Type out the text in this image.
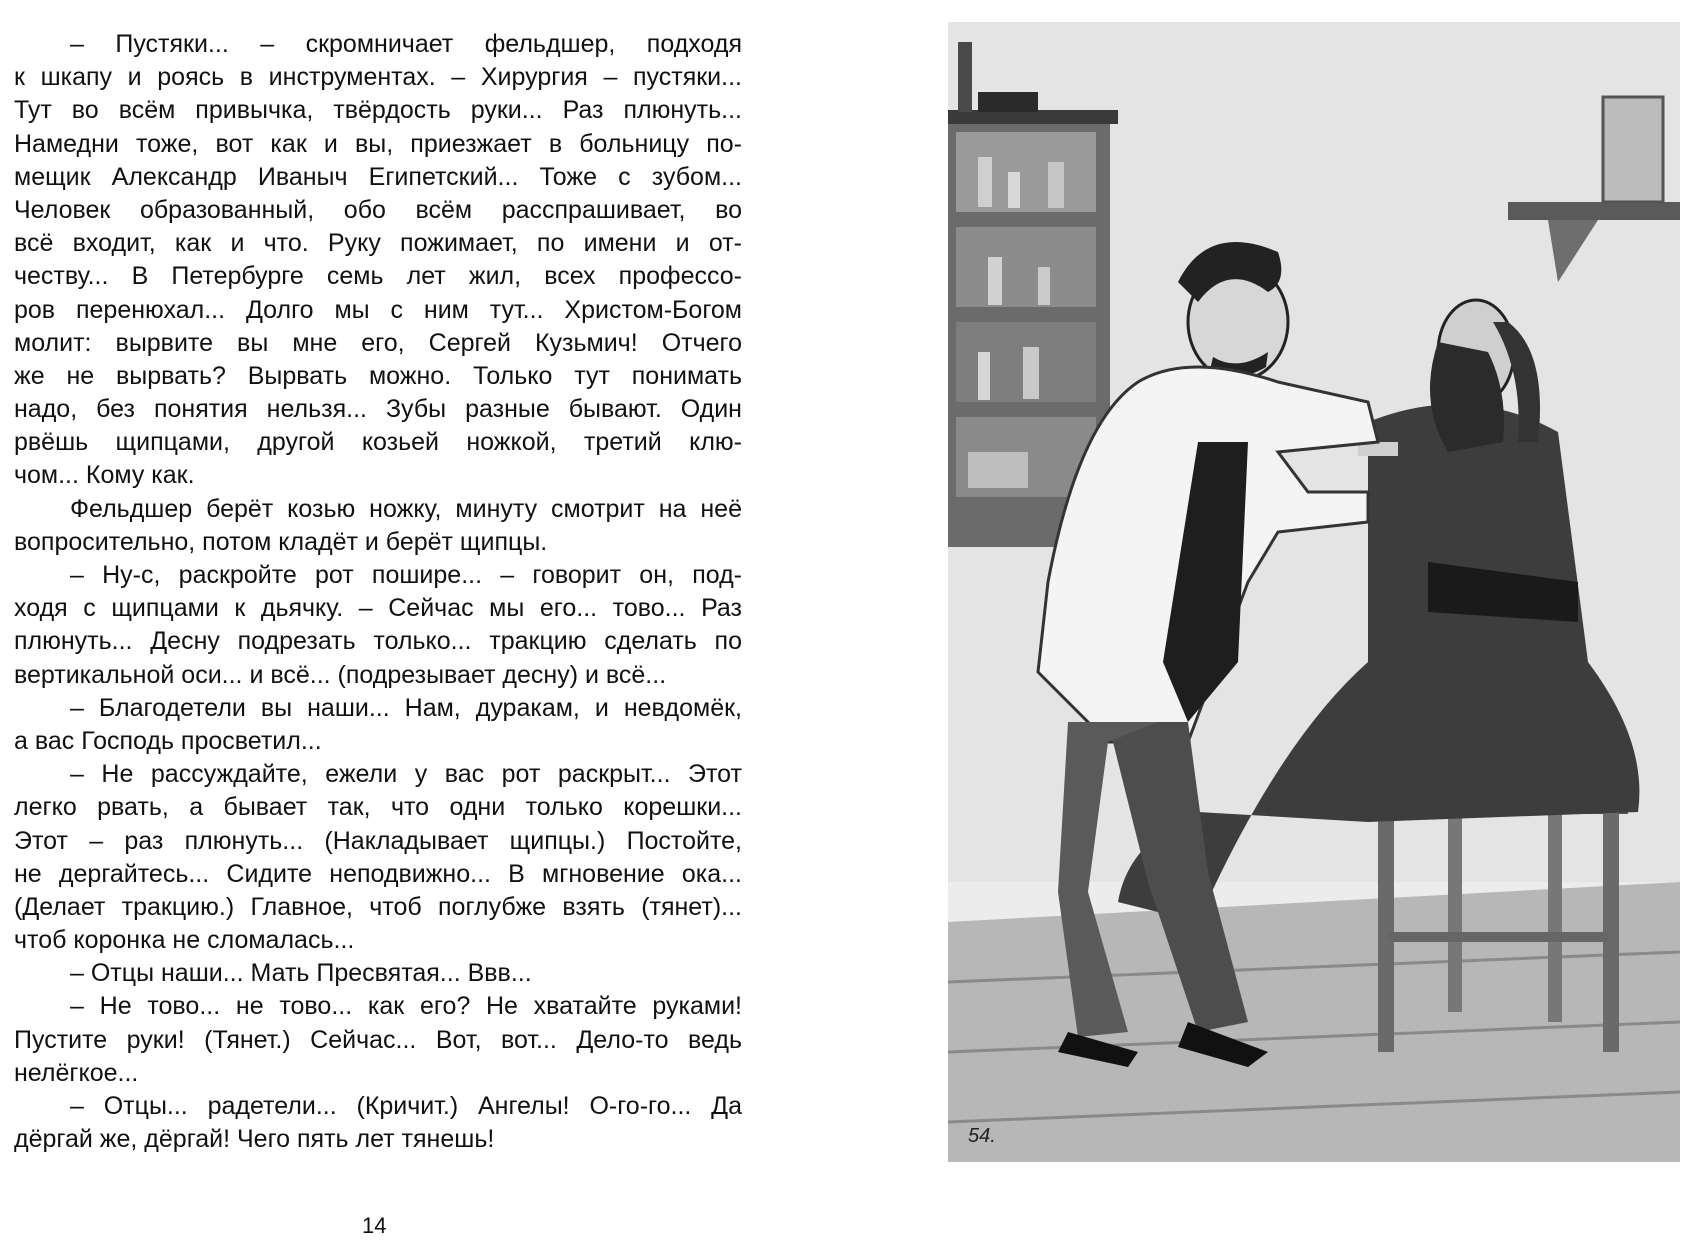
– Пустяки... – скромничает фельдшер, подходя
к шкапу и роясь в инструментах. – Хирургия – пустяки...
Тут во всём привычка, твёрдость руки... Раз плюнуть...
Намедни тоже, вот как и вы, приезжает в больницу по-
мещик Александр Иваныч Египетский... Тоже с зубом...
Человек образованный, обо всём расспрашивает, во
всё входит, как и что. Руку пожимает, по имени и от-
честву... В Петербурге семь лет жил, всех профессо-
ров перенюхал... Долго мы с ним тут... Христом-Богом
молит: вырвите вы мне его, Сергей Кузьмич! Отчего
же не вырвать? Вырвать можно. Только тут понимать
надо, без понятия нельзя... Зубы разные бывают. Один
рвёшь щипцами, другой козьей ножкой, третий клю-
чом... Кому как.
Фельдшер берёт козью ножку, минуту смотрит на неё
вопросительно, потом кладёт и берёт щипцы.
– Ну-с, раскройте рот пошире... – говорит он, под-
ходя с щипцами к дьячку. – Сейчас мы его... тово... Раз
плюнуть... Десну подрезать только... тракцию сделать по
вертикальной оси... и всё... (подрезывает десну) и всё...
– Благодетели вы наши... Нам, дуракам, и невдомёк,
а вас Господь просветил...
– Не рассуждайте, ежели у вас рот раскрыт... Этот
легко рвать, а бывает так, что одни только корешки...
Этот – раз плюнуть... (Накладывает щипцы.) Постойте,
не дергайтесь... Сидите неподвижно... В мгновение ока...
(Делает тракцию.) Главное, чтоб поглубже взять (тянет)...
чтоб коронка не сломалась...
– Отцы наши... Мать Пресвятая... Ввв...
– Не тово... не тово... как его? Не хватайте руками!
Пустите руки! (Тянет.) Сейчас... Вот, вот... Дело-то ведь
нелёгкое...
– Отцы... радетели... (Кричит.) Ангелы! О-го-го... Да
дёргай же, дёргай! Чего пять лет тянешь!
14
54.
